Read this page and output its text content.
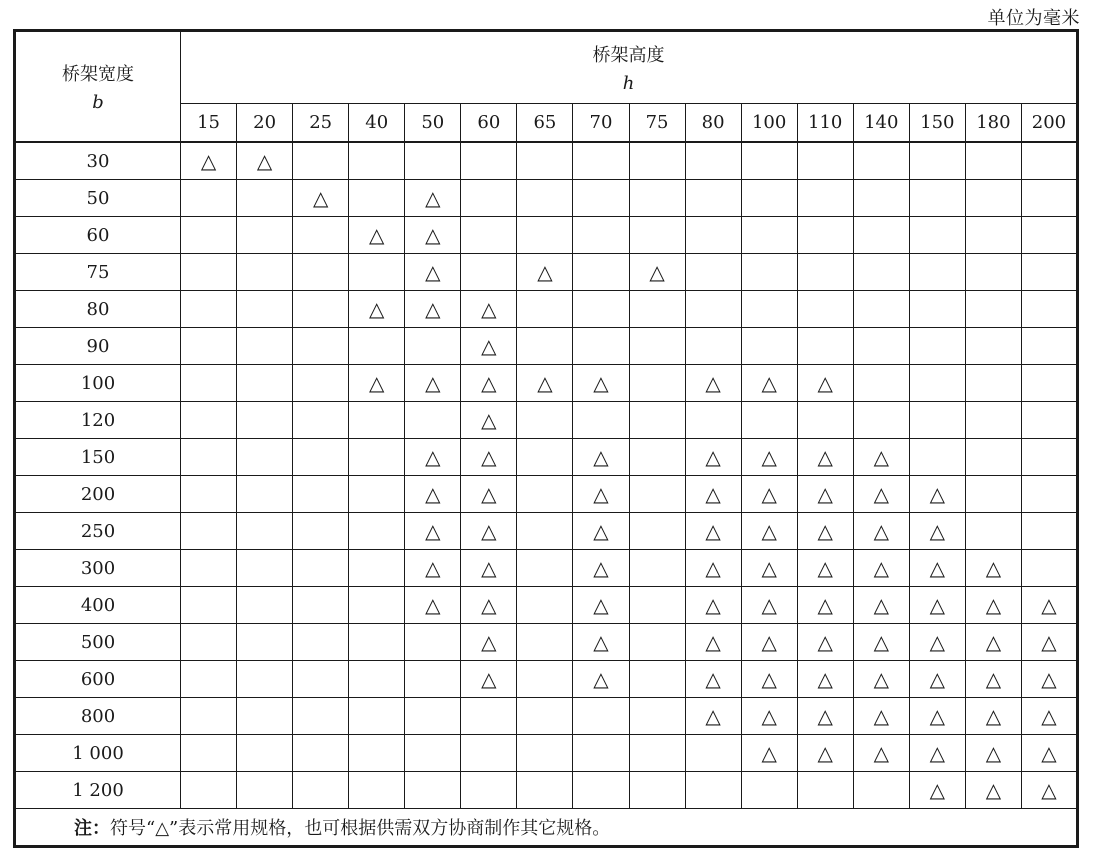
单位为毫米
桥架宽度
b	桥架高度
h															
	15	20	25	40	50	60	65	70	75	80	100	110	140	150	180	200
30	△	△														
50			△		△											
60				△	△											
75					△		△		△							
80				△	△	△										
90						△										
100				△	△	△	△	△		△	△	△				
120						△										
150					△	△		△		△	△	△	△			
200					△	△		△		△	△	△	△	△		
250					△	△		△		△	△	△	△	△		
300					△	△		△		△	△	△	△	△	△	
400					△	△		△		△	△	△	△	△	△	△
500						△		△		△	△	△	△	△	△	△
600						△		△		△	△	△	△	△	△	△
800										△	△	△	△	△	△	△
1 000											△	△	△	△	△	△
1 200														△	△	△
注：符号“△”表示常用规格，也可根据供需双方协商制作其它规格。																
